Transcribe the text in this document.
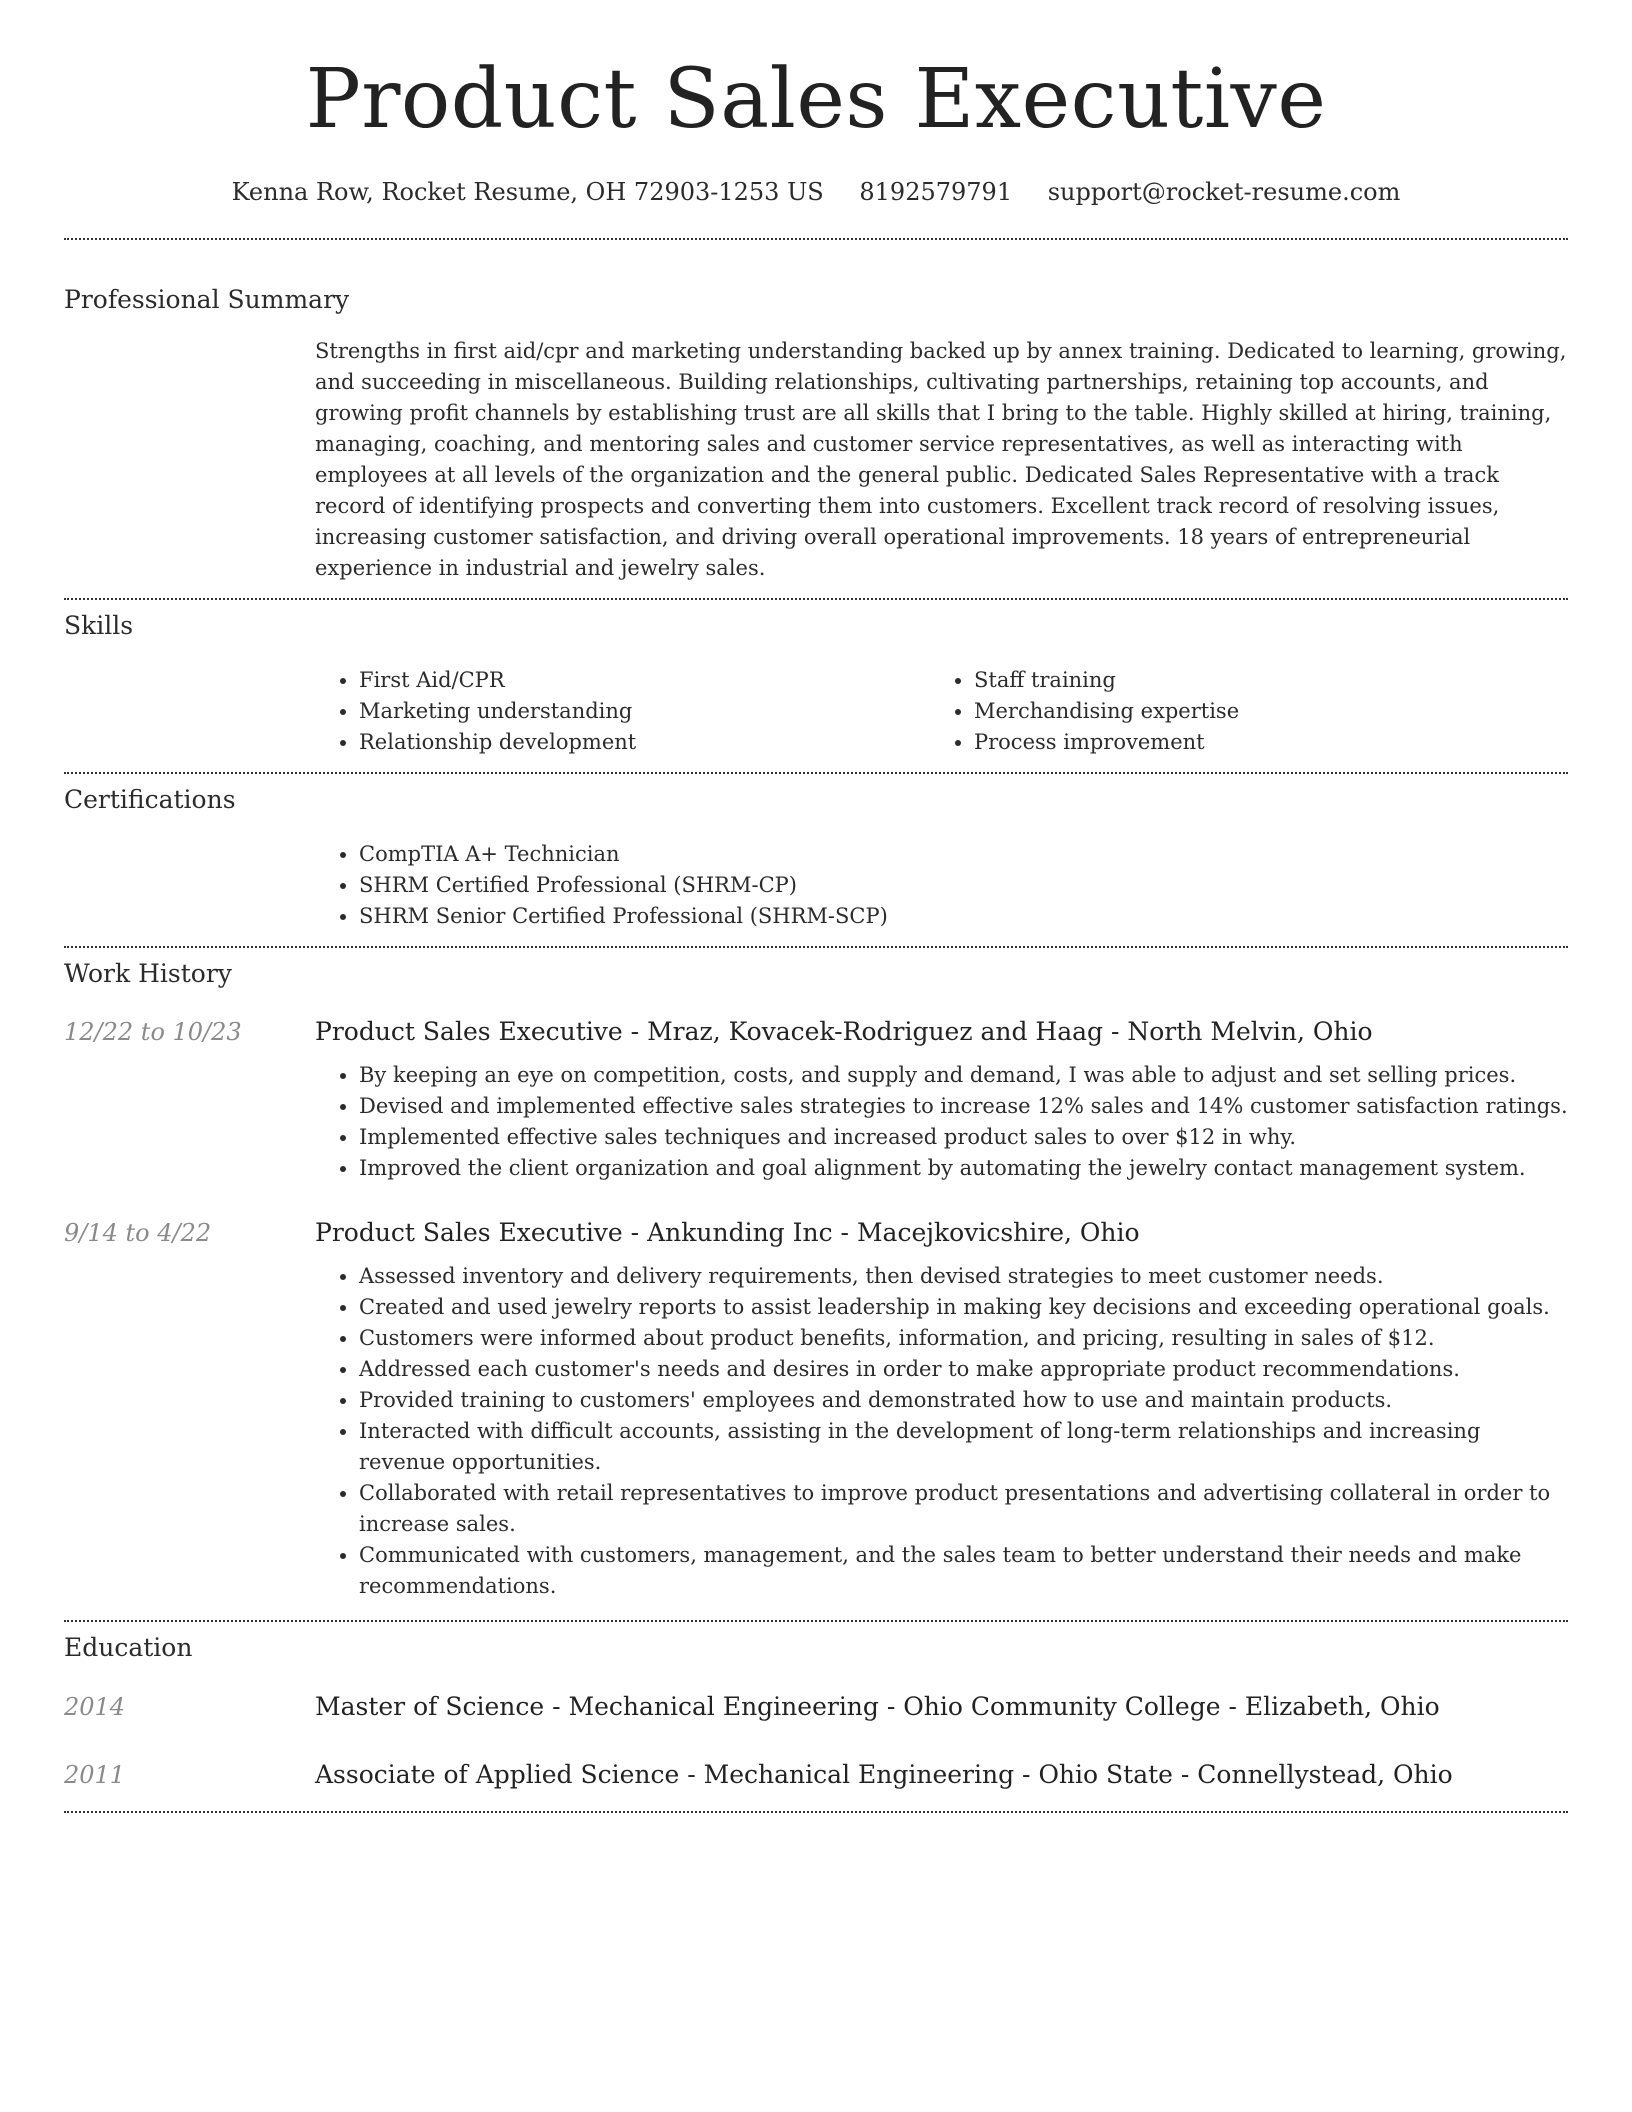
Product Sales Executive
Kenna Row, Rocket Resume, OH 72903-1253 US 8192579791 support@rocket-resume.com
Professional Summary

Strengths in first aid/cpr and marketing understanding backed up by annex training. Dedicated to learning, growing, and succeeding in miscellaneous. Building relationships, cultivating partnerships, retaining top accounts, and growing profit channels by establishing trust are all skills that I bring to the table. Highly skilled at hiring, training, managing, coaching, and mentoring sales and customer service representatives, as well as interacting with employees at all levels of the organization and the general public. Dedicated Sales Representative with a track record of identifying prospects and converting them into customers. Excellent track record of resolving issues, increasing customer satisfaction, and driving overall operational improvements. 18 years of entrepreneurial experience in industrial and jewelry sales.

Skills
• First Aid/CPR
• Marketing understanding
• Relationship development
• Staff training
• Merchandising expertise
• Process improvement
Certifications
• CompTIA A+ Technician
• SHRM Certified Professional (SHRM-CP)
• SHRM Senior Certified Professional (SHRM-SCP)
Work History
12/22 to 10/23	Product Sales Executive - Mraz, Kovacek-Rodriguez and Haag - North Melvin, Ohio
• By keeping an eye on competition, costs, and supply and demand, I was able to adjust and set selling prices.
• Devised and implemented effective sales strategies to increase 12% sales and 14% customer satisfaction ratings.
• Implemented effective sales techniques and increased product sales to over $12 in why.
• Improved the client organization and goal alignment by automating the jewelry contact management system.
9/14 to 4/22	Product Sales Executive - Ankunding Inc - Macejkovicshire, Ohio
• Assessed inventory and delivery requirements, then devised strategies to meet customer needs.
• Created and used jewelry reports to assist leadership in making key decisions and exceeding operational goals.
• Customers were informed about product benefits, information, and pricing, resulting in sales of $12.
• Addressed each customer's needs and desires in order to make appropriate product recommendations.
• Provided training to customers' employees and demonstrated how to use and maintain products.
• Interacted with difficult accounts, assisting in the development of long-term relationships and increasing revenue opportunities.
• Collaborated with retail representatives to improve product presentations and advertising collateral in order to increase sales.
• Communicated with customers, management, and the sales team to better understand their needs and make recommendations.
Education
2014	Master of Science - Mechanical Engineering - Ohio Community College - Elizabeth, Ohio
2011	Associate of Applied Science - Mechanical Engineering - Ohio State - Connellystead, Ohio
